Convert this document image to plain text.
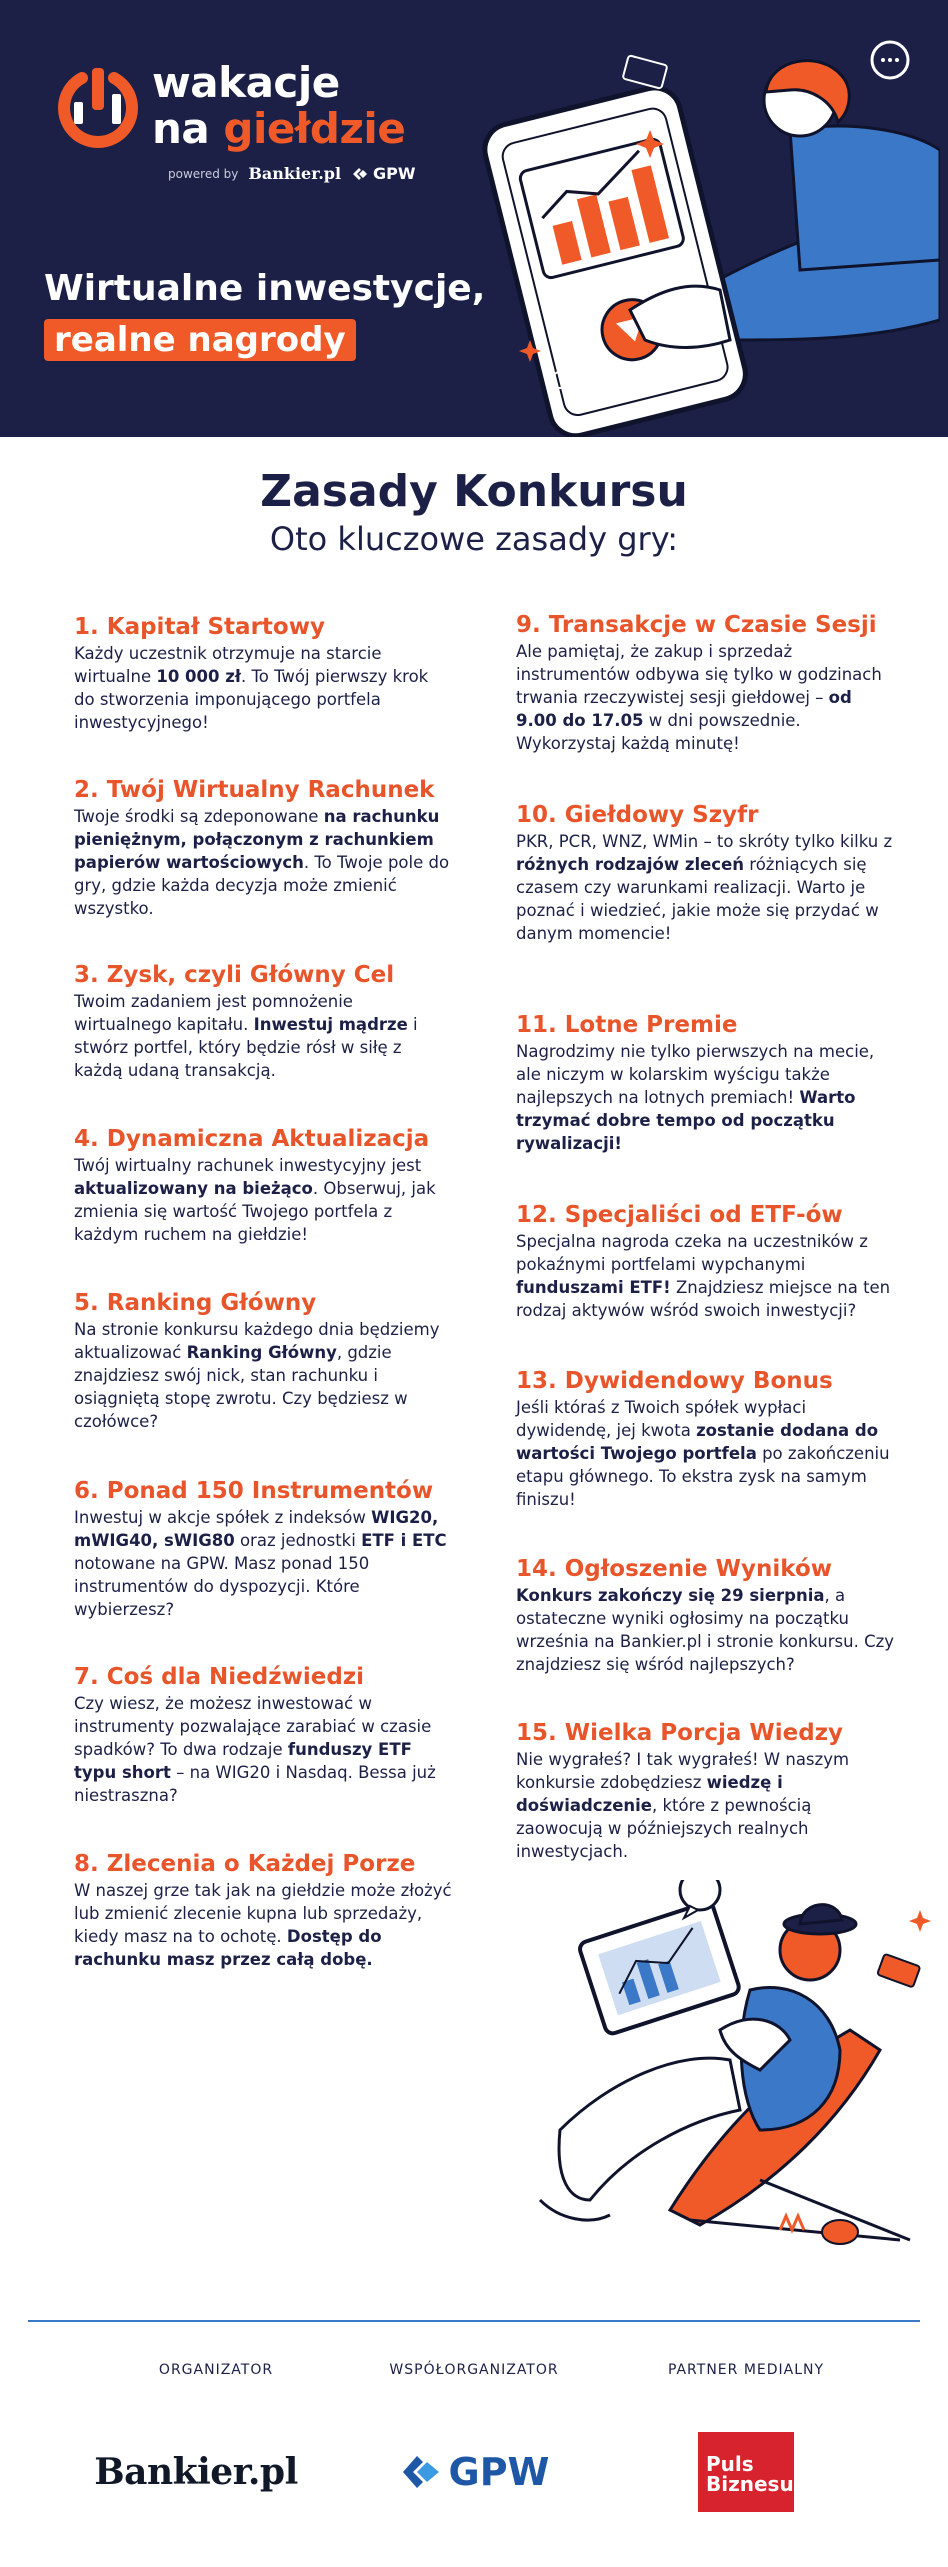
wakacje
na giełdzie
powered by Bankier.pl GPW
Wirtualne inwestycje,
realne nagrody
Zasady Konkursu
Oto kluczowe zasady gry:
1. Kapitał Startowy

Każdy uczestnik otrzymuje na starcie wirtualne 10 000 zł. To Twój pierwszy krok do stworzenia imponującego portfela inwestycyjnego!

2. Twój Wirtualny Rachunek

Twoje środki są zdeponowane na rachunku pieniężnym, połączonym z rachunkiem papierów wartościowych. To Twoje pole do gry, gdzie każda decyzja może zmienić wszystko.

3. Zysk, czyli Główny Cel

Twoim zadaniem jest pomnożenie wirtualnego kapitału. Inwestuj mądrze i stwórz portfel, który będzie rósł w siłę z każdą udaną transakcją.

4. Dynamiczna Aktualizacja

Twój wirtualny rachunek inwestycyjny jest aktualizowany na bieżąco. Obserwuj, jak zmienia się wartość Twojego portfela z każdym ruchem na giełdzie!

5. Ranking Główny

Na stronie konkursu każdego dnia będziemy aktualizować Ranking Główny, gdzie znajdziesz swój nick, stan rachunku i osiągniętą stopę zwrotu. Czy będziesz w czołówce?

6. Ponad 150 Instrumentów

Inwestuj w akcje spółek z indeksów WIG20, mWIG40, sWIG80 oraz jednostki ETF i ETC notowane na GPW. Masz ponad 150 instrumentów do dyspozycji. Które wybierzesz?

7. Coś dla Niedźwiedzi

Czy wiesz, że możesz inwestować w instrumenty pozwalające zarabiać w czasie spadków? To dwa rodzaje funduszy ETF typu short – na WIG20 i Nasdaq. Bessa już niestraszna?

8. Zlecenia o Każdej Porze

W naszej grze tak jak na giełdzie może złożyć lub zmienić zlecenie kupna lub sprzedaży, kiedy masz na to ochotę. Dostęp do rachunku masz przez całą dobę.

9. Transakcje w Czasie Sesji

Ale pamiętaj, że zakup i sprzedaż instrumentów odbywa się tylko w godzinach trwania rzeczywistej sesji giełdowej – od 9.00 do 17.05 w dni powszednie. Wykorzystaj każdą minutę!

10. Giełdowy Szyfr

PKR, PCR, WNZ, WMin – to skróty tylko kilku z różnych rodzajów zleceń różniących się czasem czy warunkami realizacji. Warto je poznać i wiedzieć, jakie może się przydać w danym momencie!

11. Lotne Premie

Nagrodzimy nie tylko pierwszych na mecie, ale niczym w kolarskim wyścigu także najlepszych na lotnych premiach! Warto trzymać dobre tempo od początku rywalizacji!

12. Specjaliści od ETF-ów

Specjalna nagroda czeka na uczestników z pokaźnymi portfelami wypchanymi funduszami ETF! Znajdziesz miejsce na ten rodzaj aktywów wśród swoich inwestycji?

13. Dywidendowy Bonus

Jeśli któraś z Twoich spółek wypłaci dywidendę, jej kwota zostanie dodana do wartości Twojego portfela po zakończeniu etapu głównego. To ekstra zysk na samym finiszu!

14. Ogłoszenie Wyników

Konkurs zakończy się 29 sierpnia, a ostateczne wyniki ogłosimy na początku września na Bankier.pl i stronie konkursu. Czy znajdziesz się wśród najlepszych?

15. Wielka Porcja Wiedzy

Nie wygrałeś? I tak wygrałeś! W naszym konkursie zdobędziesz wiedzę i doświadczenie, które z pewnością zaowocują w późniejszych realnych inwestycjach.

ORGANIZATOR	WSPÓŁORGANIZATOR	PARTNER MEDIALNY
Bankier.pl	GPW	Puls
Biznesu
